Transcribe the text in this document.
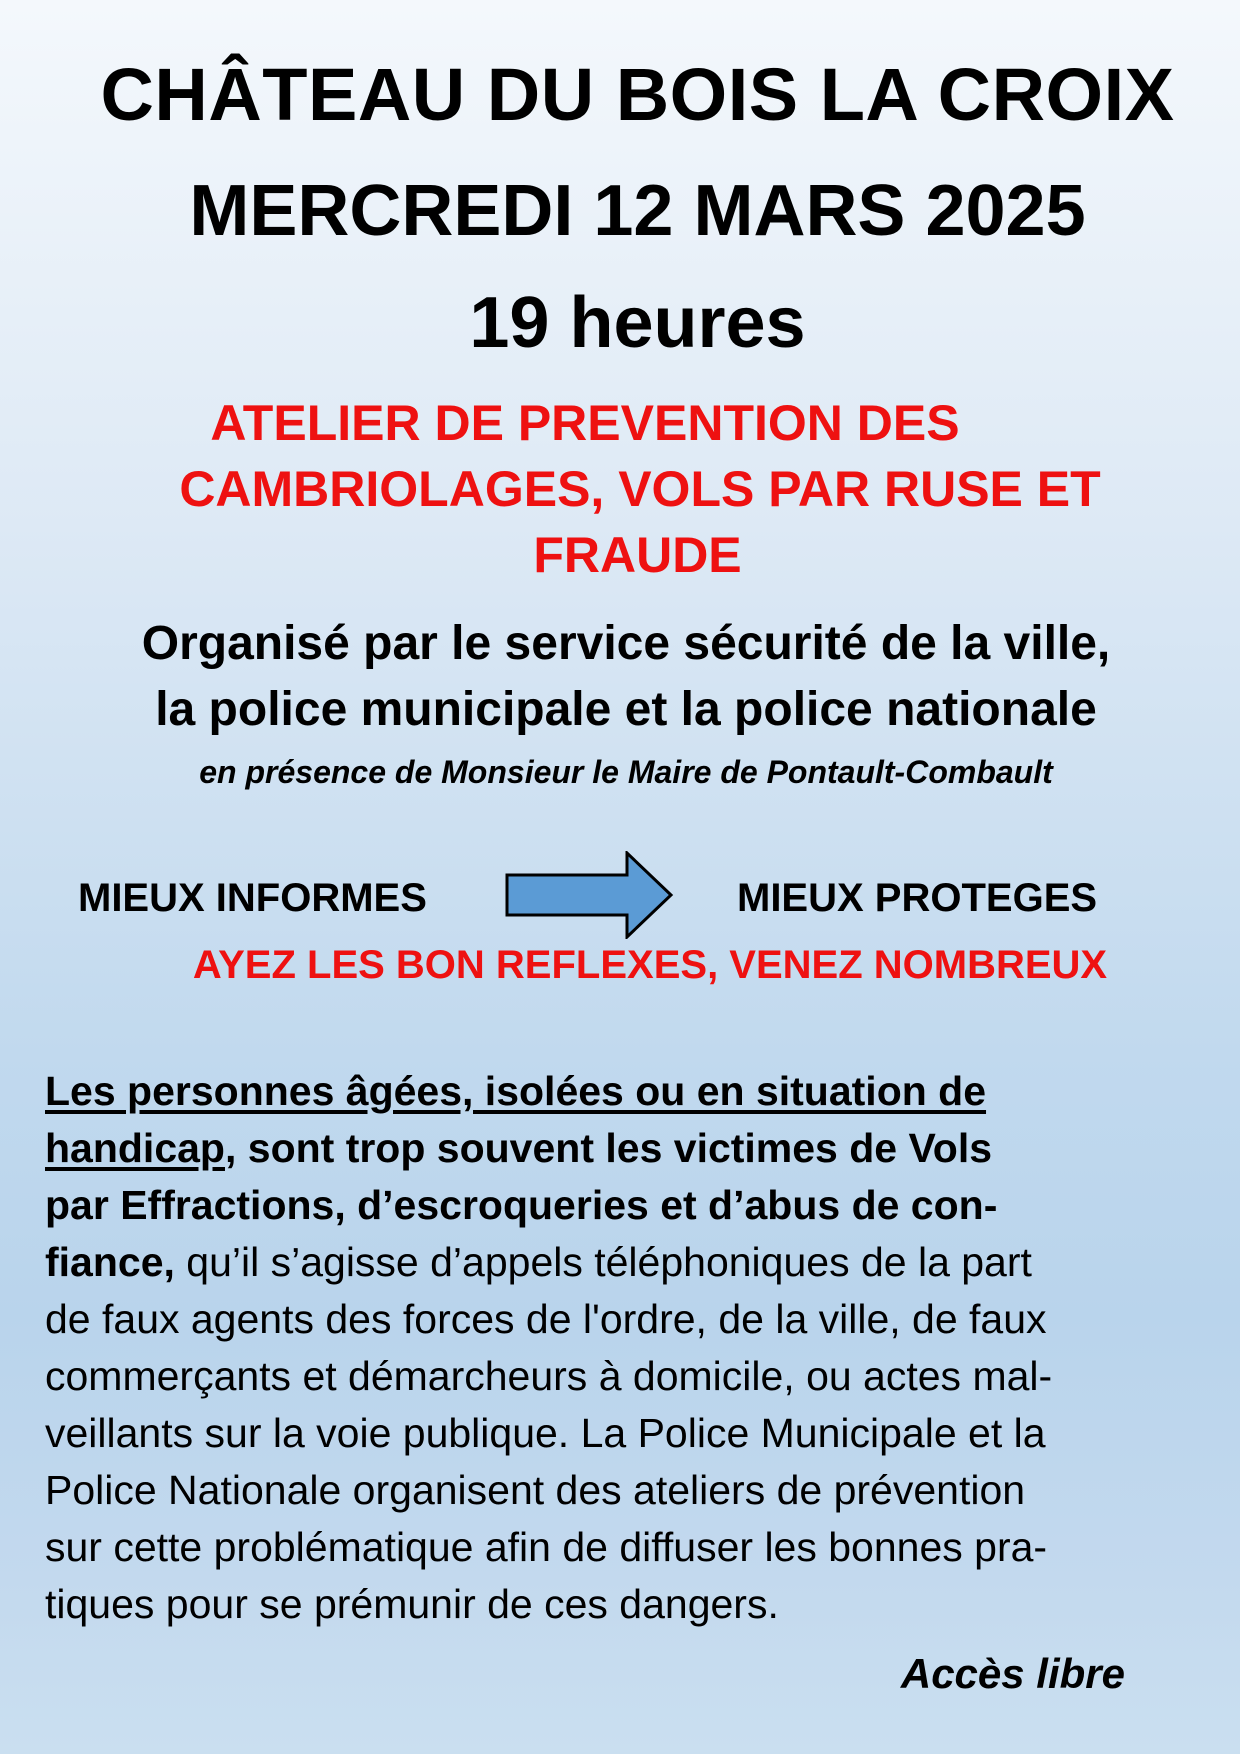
CHÂTEAU DU BOIS LA CROIX
MERCREDI 12 MARS 2025
19 heures
ATELIER DE PREVENTION DES
CAMBRIOLAGES, VOLS PAR RUSE ET
FRAUDE
Organisé par le service sécurité de la ville,
la police municipale et la police nationale
en présence de Monsieur le Maire de Pontault-Combault
MIEUX INFORMES	MIEUX PROTEGES
AYEZ LES BON REFLEXES, VENEZ NOMBREUX
Les personnes âgées, isolées ou en situation de
handicap, sont trop souvent les victimes de Vols
par Effractions, d’escroqueries et d’abus de con-
fiance, qu’il s’agisse d’appels téléphoniques de la part
de faux agents des forces de l'ordre, de la ville, de faux
commerçants et démarcheurs à domicile, ou actes mal-
veillants sur la voie publique. La Police Municipale et la
Police Nationale organisent des ateliers de prévention
sur cette problématique afin de diffuser les bonnes pra-
tiques pour se prémunir de ces dangers.
Accès libre
